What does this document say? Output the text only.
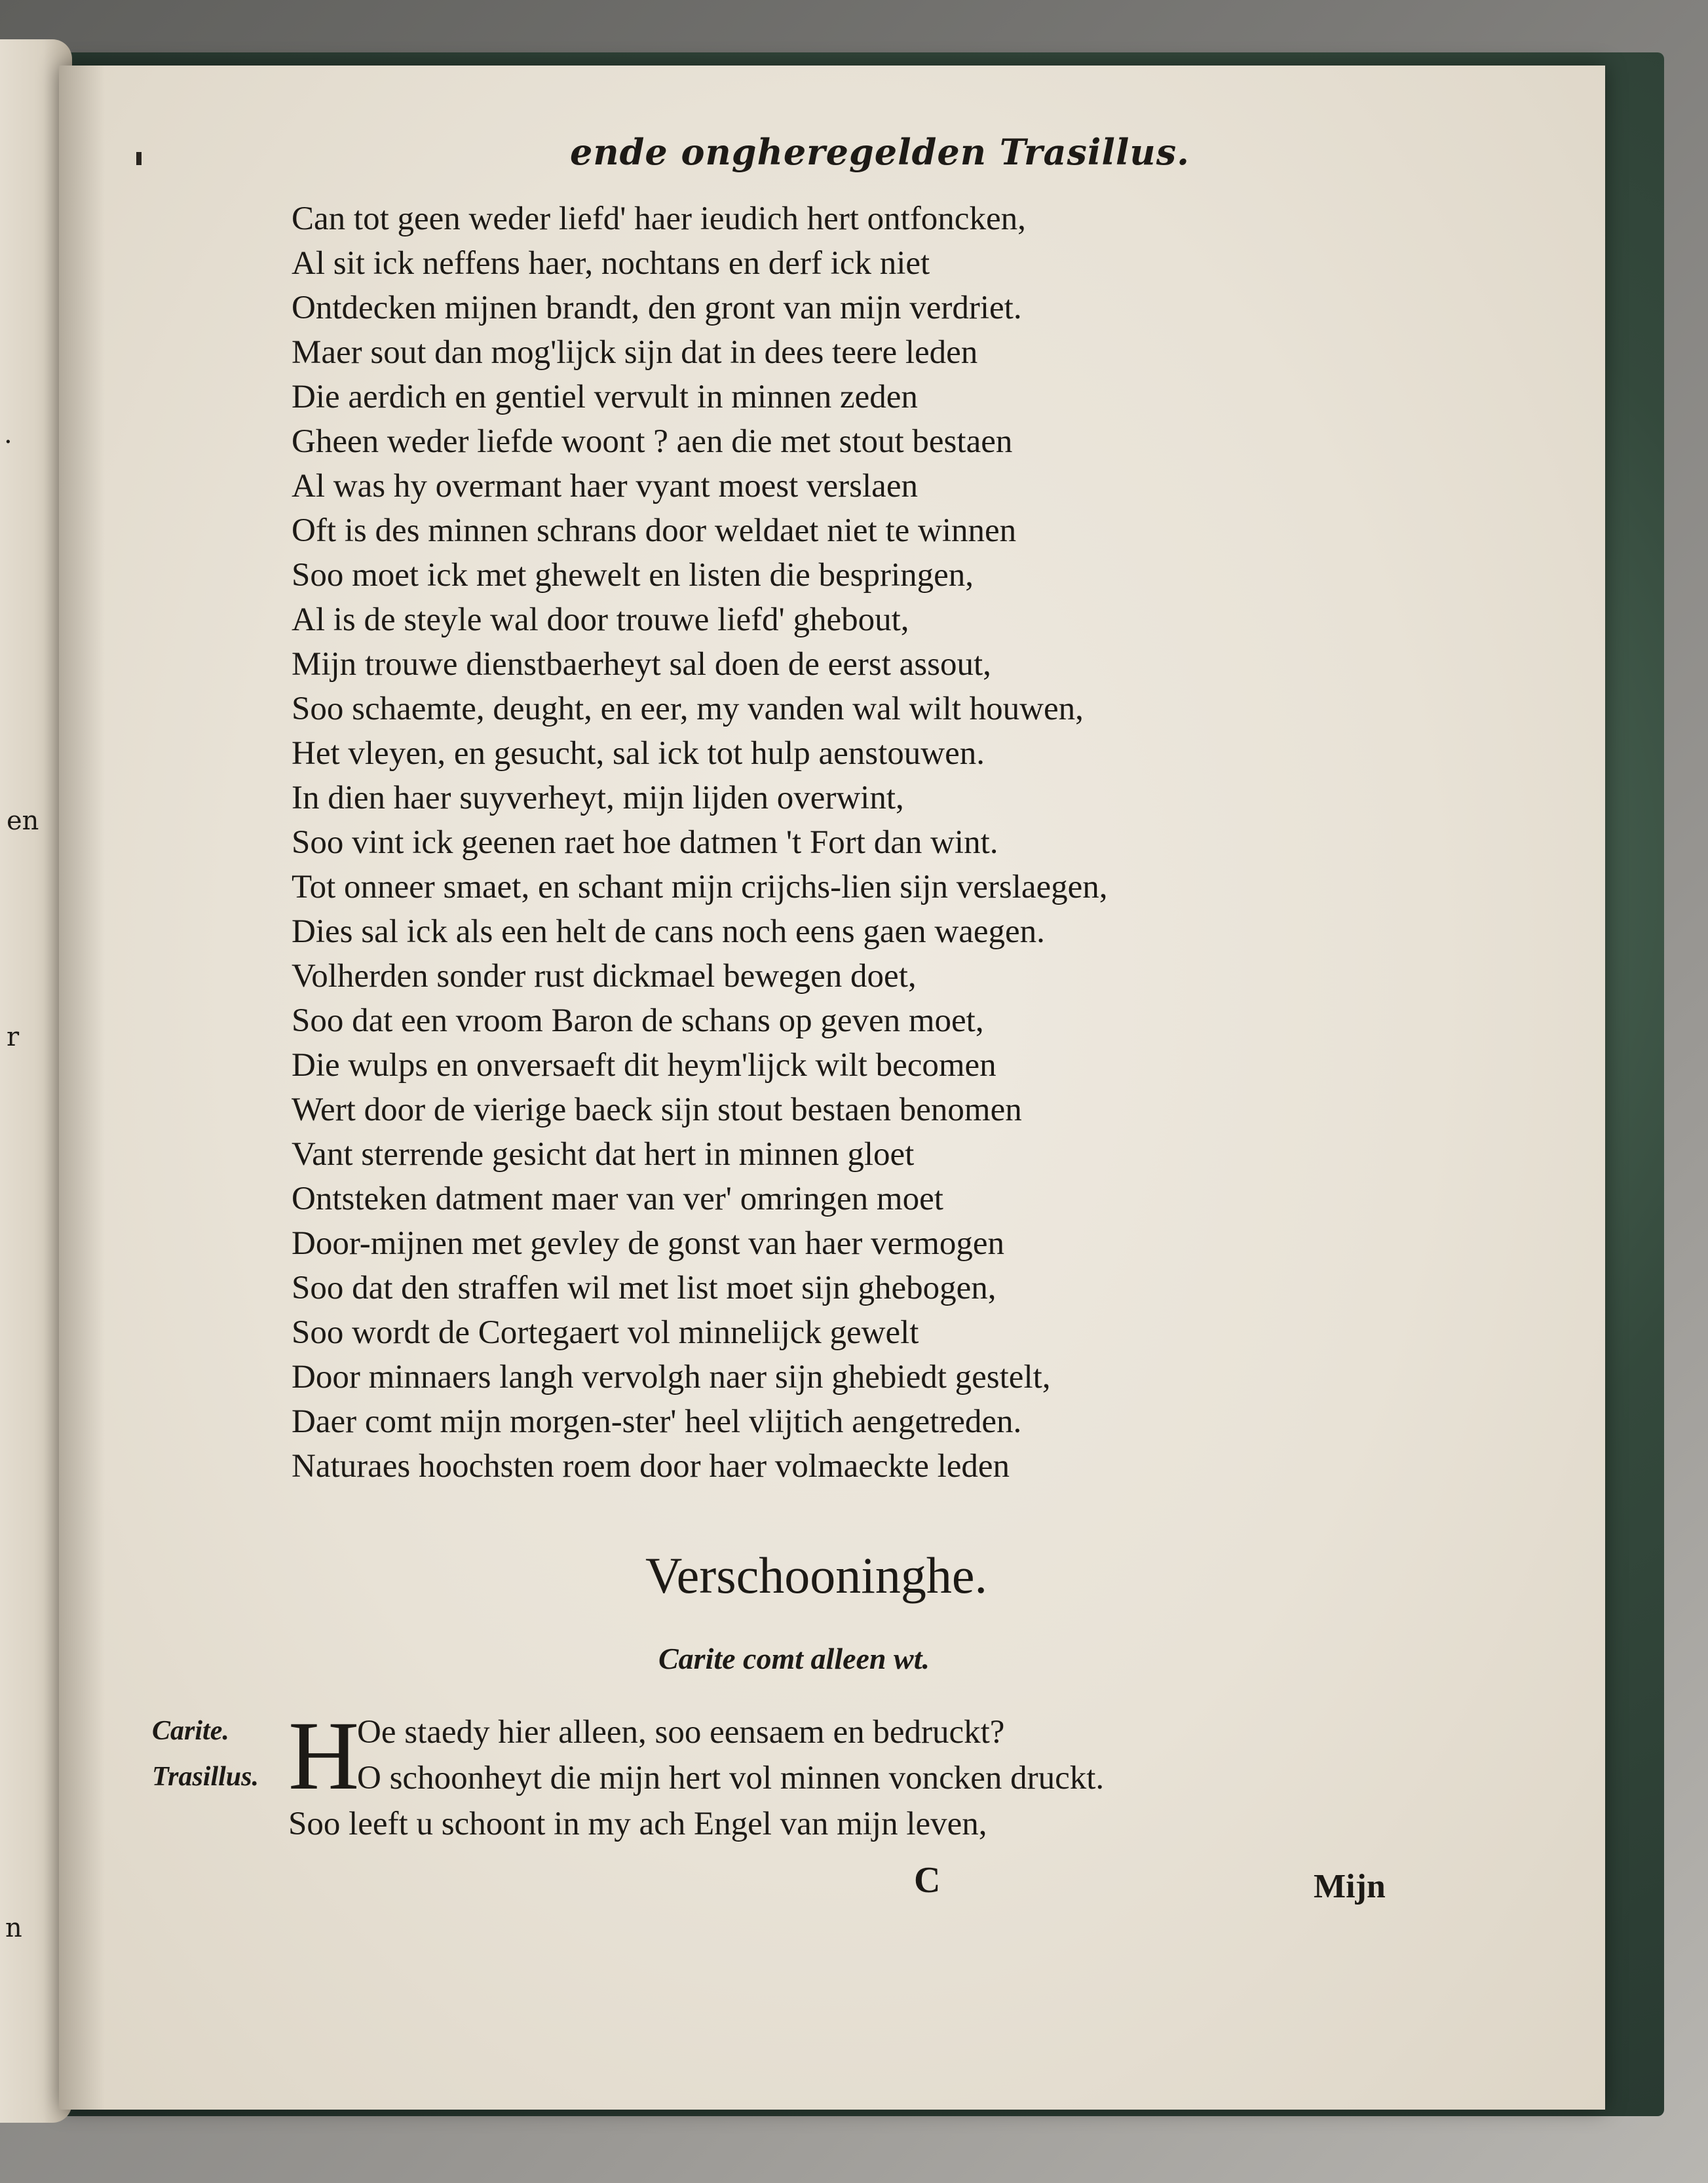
.
en
r
n
ende ongheregelden Trasillus.
Can tot geen weder liefd' haer ieudich hert ontfoncken,
Al sit ick neffens haer, nochtans en derf ick niet
Ontdecken mijnen brandt, den gront van mijn verdriet.
Maer sout dan mog'lijck sijn dat in dees teere leden
Die aerdich en gentiel vervult in minnen zeden
Gheen weder liefde woont ? aen die met stout bestaen
Al was hy overmant haer vyant moest verslaen
Oft is des minnen schrans door weldaet niet te winnen
Soo moet ick met ghewelt en listen die bespringen,
Al is de steyle wal door trouwe liefd' ghebout,
Mijn trouwe dienstbaerheyt sal doen de eerst assout,
Soo schaemte, deught, en eer, my vanden wal wilt houwen,
Het vleyen, en gesucht, sal ick tot hulp aenstouwen.
In dien haer suyverheyt, mijn lijden overwint,
Soo vint ick geenen raet hoe datmen 't Fort dan wint.
Tot onneer smaet, en schant mijn crijchs-lien sijn verslaegen,
Dies sal ick als een helt de cans noch eens gaen waegen.
Volherden sonder rust dickmael bewegen doet,
Soo dat een vroom Baron de schans op geven moet,
Die wulps en onversaeft dit heym'lijck wilt becomen
Wert door de vierige baeck sijn stout bestaen benomen
Vant sterrende gesicht dat hert in minnen gloet
Ontsteken datment maer van ver' omringen moet
Door-mijnen met gevley de gonst van haer vermogen
Soo dat den straffen wil met list moet sijn ghebogen,
Soo wordt de Cortegaert vol minnelijck gewelt
Door minnaers langh vervolgh naer sijn ghebiedt gestelt,
Daer comt mijn morgen-ster' heel vlijtich aengetreden.
Naturaes hoochsten roem door haer volmaeckte leden
Verschooninghe.
Carite comt alleen wt.
Carite.
Trasillus. H
Oe staedy hier alleen, soo eensaem en bedruckt?
O schoonheyt die mijn hert vol minnen voncken druckt.
Soo leeft u schoont in my ach Engel van mijn leven,
C	Mijn
